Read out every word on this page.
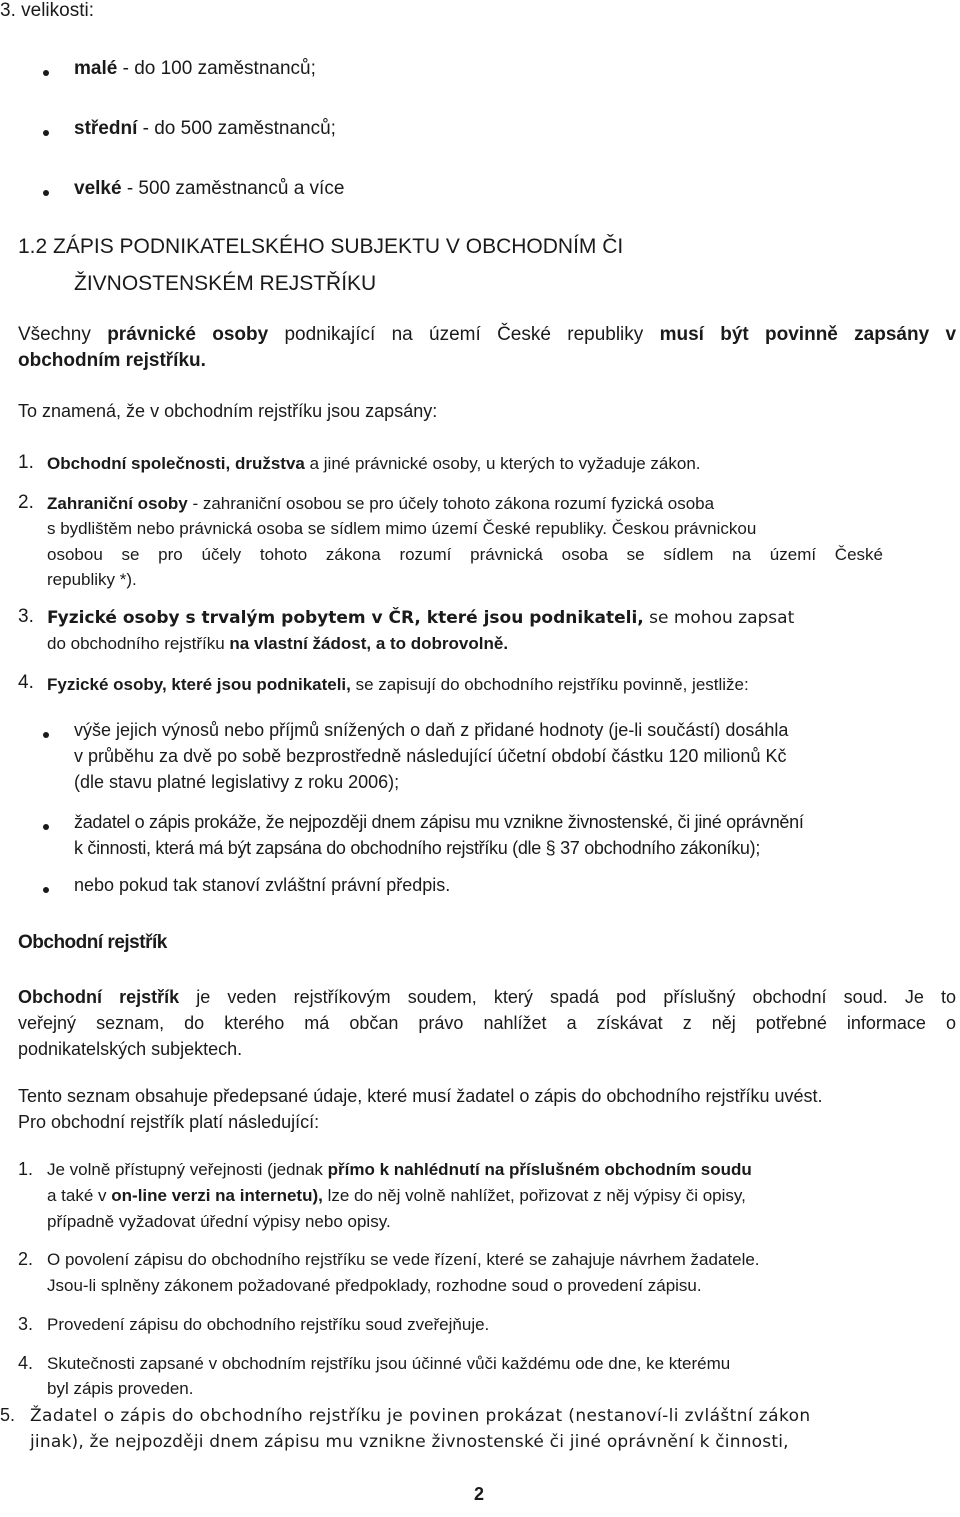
3. velikosti:
malé - do 100 zaměstnanců;
střední - do 500 zaměstnanců;
velké - 500 zaměstnanců a více
1.2 ZÁPIS PODNIKATELSKÉHO SUBJEKTU V OBCHODNÍM ČI
ŽIVNOSTENSKÉM REJSTŘÍKU
Všechny právnické osoby podnikající na území České republiky musí být povinně zapsány v
obchodním rejstříku.
To znamená, že v obchodním rejstříku jsou zapsány:
1. Obchodní společnosti, družstva a jiné právnické osoby, u kterých to vyžaduje zákon.
2. Zahraniční osoby - zahraniční osobou se pro účely tohoto zákona rozumí fyzická osoba
s bydlištěm nebo právnická osoba se sídlem mimo území České republiky. Českou právnickou
osobou se pro účely tohoto zákona rozumí právnická osoba se sídlem na území České
republiky *).
3. Fyzické osoby s trvalým pobytem v ČR, které jsou podnikateli, se mohou zapsat
do obchodního rejstříku na vlastní žádost, a to dobrovolně.
4. Fyzické osoby, které jsou podnikateli, se zapisují do obchodního rejstříku povinně, jestliže:
výše jejich výnosů nebo příjmů snížených o daň z přidané hodnoty (je-li součástí) dosáhla
v průběhu za dvě po sobě bezprostředně následující účetní období částku 120 milionů Kč
(dle stavu platné legislativy z roku 2006);
žadatel o zápis prokáže, že nejpozději dnem zápisu mu vznikne živnostenské, či jiné oprávnění
k činnosti, která má být zapsána do obchodního rejstříku (dle § 37 obchodního zákoníku);
nebo pokud tak stanoví zvláštní právní předpis.
Obchodní rejstřík
Obchodní rejstřík je veden rejstříkovým soudem, který spadá pod příslušný obchodní soud. Je to
veřejný seznam, do kterého má občan právo nahlížet a získávat z něj potřebné informace o
podnikatelských subjektech.
Tento seznam obsahuje předepsané údaje, které musí žadatel o zápis do obchodního rejstříku uvést.
Pro obchodní rejstřík platí následující:
1. Je volně přístupný veřejnosti (jednak přímo k nahlédnutí na příslušném obchodním soudu
a také v on-line verzi na internetu), lze do něj volně nahlížet, pořizovat z něj výpisy či opisy,
případně vyžadovat úřední výpisy nebo opisy.
2. O povolení zápisu do obchodního rejstříku se vede řízení, které se zahajuje návrhem žadatele.
Jsou-li splněny zákonem požadované předpoklady, rozhodne soud o provedení zápisu.
3. Provedení zápisu do obchodního rejstříku soud zveřejňuje.
4. Skutečnosti zapsané v obchodním rejstříku jsou účinné vůči každému ode dne, ke kterému
byl zápis proveden.
5. Žadatel o zápis do obchodního rejstříku je povinen prokázat (nestanoví-li zvláštní zákon
jinak), že nejpozději dnem zápisu mu vznikne živnostenské či jiné oprávnění k činnosti,
2
